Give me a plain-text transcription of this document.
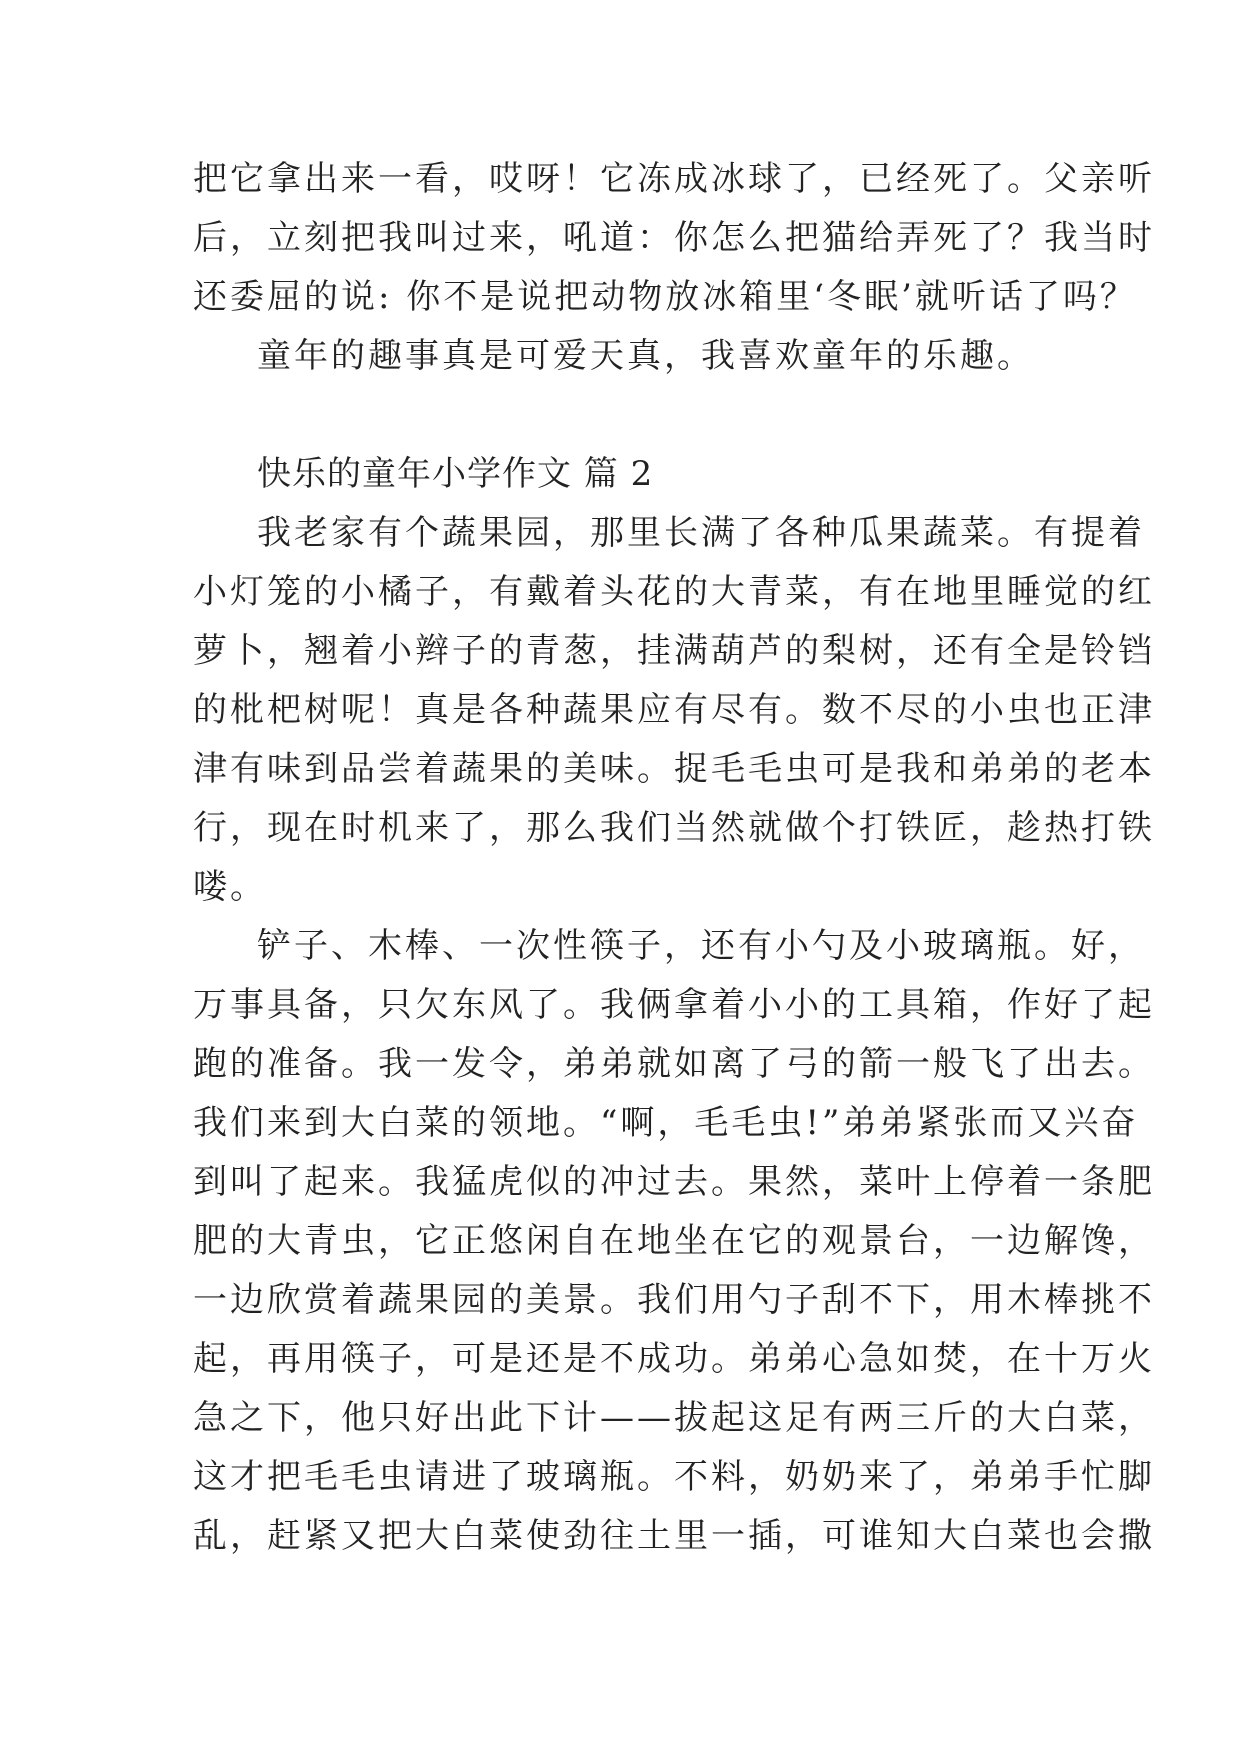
把它拿出来一看，哎呀！它冻成冰球了，已经死了。父亲听
后，立刻把我叫过来，吼道：你怎么把猫给弄死了？我当时
还委屈的说: 你不是说把动物放冰箱里‘冬眠’就听话了吗？
童年的趣事真是可爱天真，我喜欢童年的乐趣。
快乐的童年小学作文 篇 2
我老家有个蔬果园，那里长满了各种瓜果蔬菜。有提着
小灯笼的小橘子，有戴着头花的大青菜，有在地里睡觉的红
萝卜，翘着小辫子的青葱，挂满葫芦的梨树，还有全是铃铛
的枇杷树呢！真是各种蔬果应有尽有。数不尽的小虫也正津
津有味到品尝着蔬果的美味。捉毛毛虫可是我和弟弟的老本
行，现在时机来了，那么我们当然就做个打铁匠，趁热打铁
喽。
铲子、木棒、一次性筷子，还有小勺及小玻璃瓶。好，
万事具备，只欠东风了。我俩拿着小小的工具箱，作好了起
跑的准备。我一发令，弟弟就如离了弓的箭一般飞了出去。
我们来到大白菜的领地。“啊，毛毛虫!”弟弟紧张而又兴奋
到叫了起来。我猛虎似的冲过去。果然，菜叶上停着一条肥
肥的大青虫，它正悠闲自在地坐在它的观景台，一边解馋，
一边欣赏着蔬果园的美景。我们用勺子刮不下，用木棒挑不
起，再用筷子，可是还是不成功。弟弟心急如焚，在十万火
急之下，他只好出此下计——拔起这足有两三斤的大白菜，
这才把毛毛虫请进了玻璃瓶。不料，奶奶来了，弟弟手忙脚
乱，赶紧又把大白菜使劲往土里一插，可谁知大白菜也会撒
